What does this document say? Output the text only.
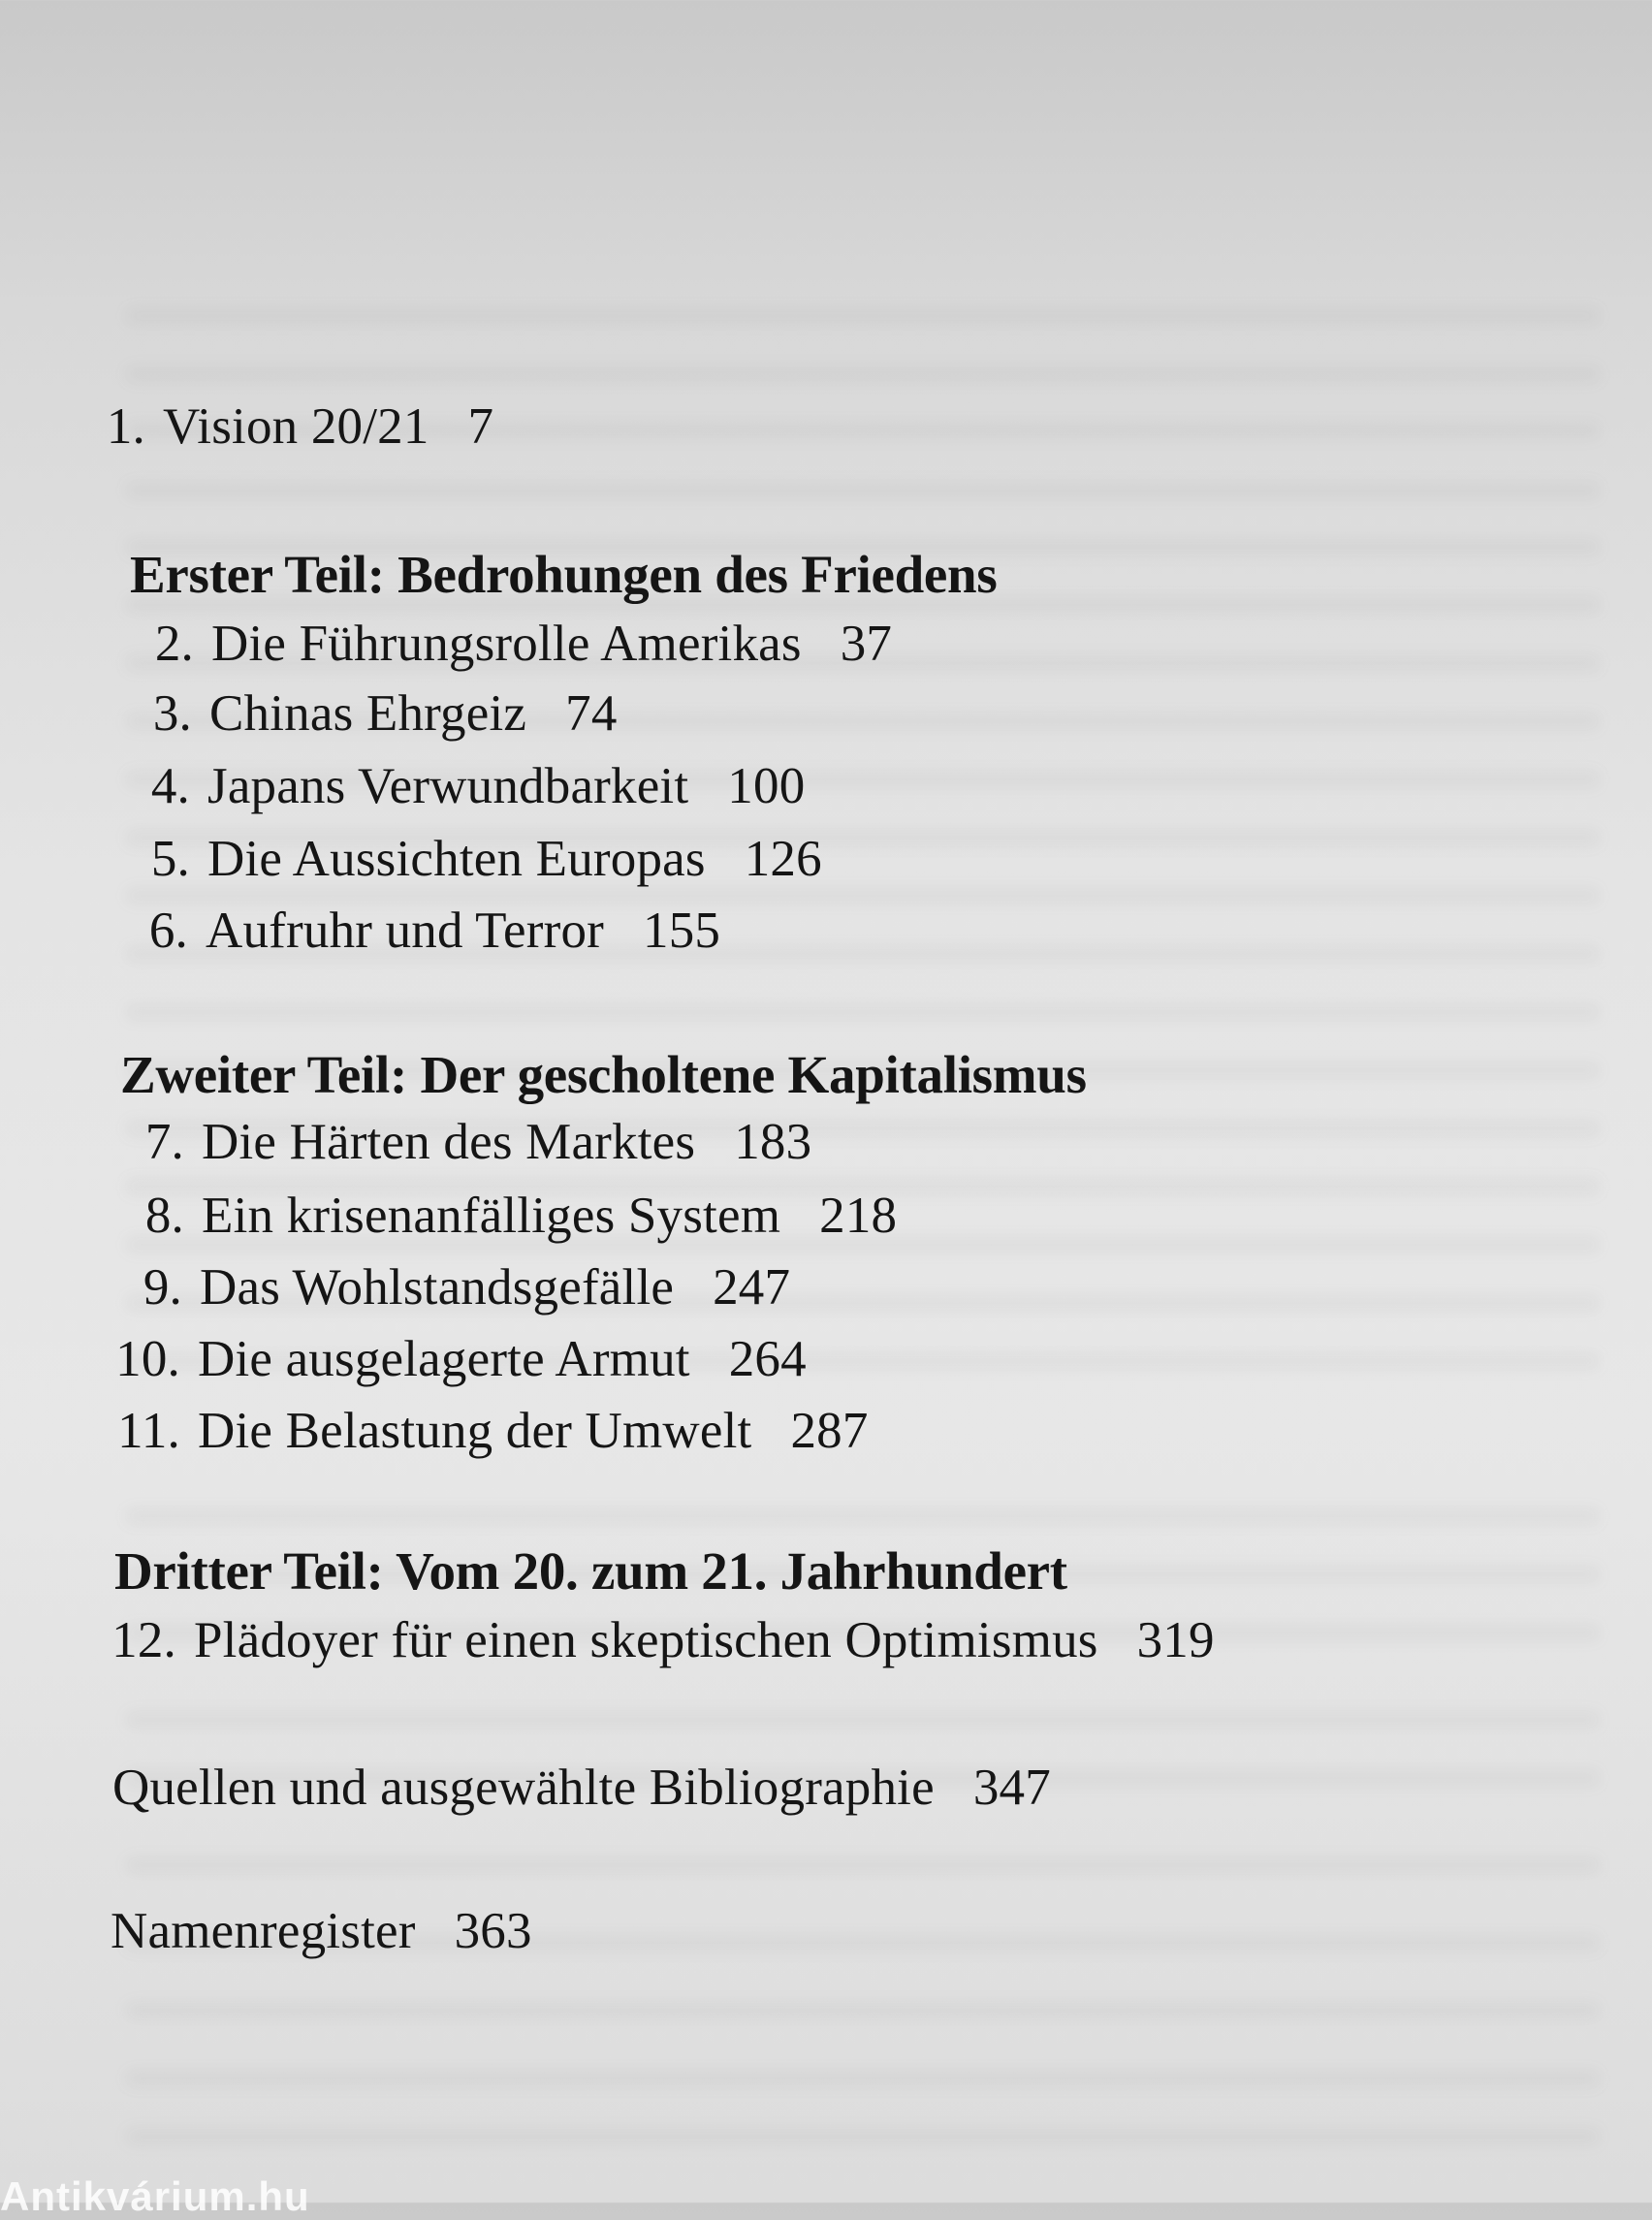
1. Vision 20/21 7
Erster Teil: Bedrohungen des Friedens
2. Die Führungsrolle Amerikas 37
3. Chinas Ehrgeiz 74
4. Japans Verwundbarkeit 100
5. Die Aussichten Europas 126
6. Aufruhr und Terror 155
Zweiter Teil: Der gescholtene Kapitalismus
7. Die Härten des Marktes 183
8. Ein krisenanfälliges System 218
9. Das Wohlstandsgefälle 247
10. Die ausgelagerte Armut 264
11. Die Belastung der Umwelt 287
Dritter Teil: Vom 20. zum 21. Jahrhundert
12. Plädoyer für einen skeptischen Optimismus 319
Quellen und ausgewählte Bibliographie 347
Namenregister 363
Antikvárium.hu
